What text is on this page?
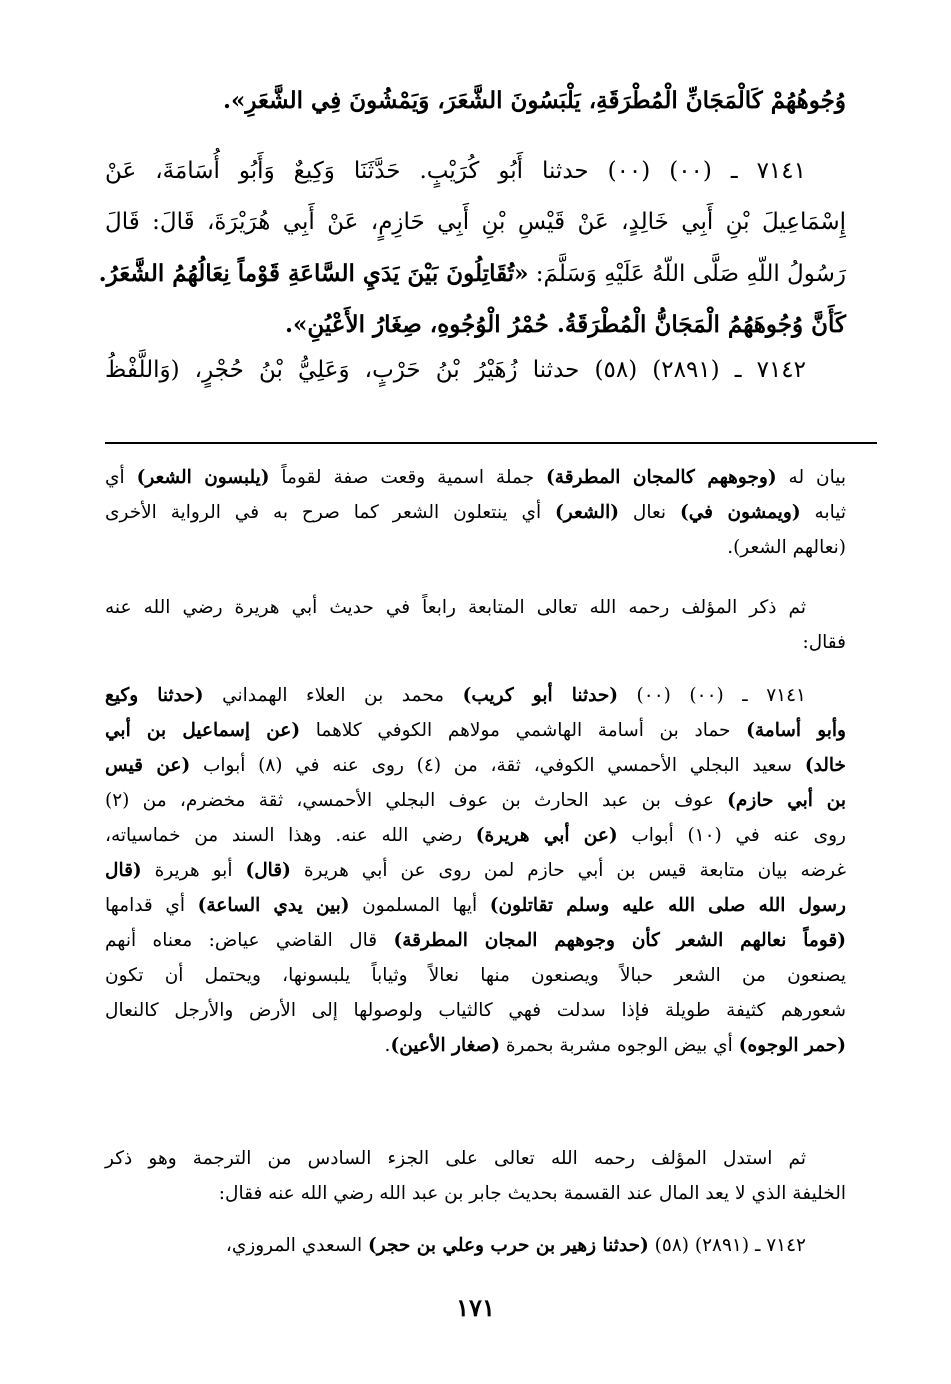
وُجُوهُهُمْ كَالْمَجَانِّ الْمُطْرَقَةِ، يَلْبَسُونَ الشَّعَرَ، وَيَمْشُونَ فِي الشَّعَرِ».
٧١٤١ ـ (٠٠) (٠٠) حدثنا أَبُو كُرَيْبٍ. حَدَّثَنَا وَكِيعٌ وَأَبُو أُسَامَةَ، عَنْ
إِسْمَاعِيلَ بْنِ أَبِي خَالِدٍ، عَنْ قَيْسِ بْنِ أَبِي حَازِمٍ، عَنْ أَبِي هُرَيْرَةَ، قَالَ: قَالَ
رَسُولُ اللّهِ صَلَّى اللّهُ عَلَيْهِ وَسَلَّمَ: «تُقَاتِلُونَ بَيْنَ يَدَيِ السَّاعَةِ قَوْماً نِعَالُهُمُ الشَّعَرُ.
كَأَنَّ وُجُوهَهُمُ الْمَجَانُّ الْمُطْرَقَةُ. حُمْرُ الْوُجُوهِ، صِغَارُ الأَعْيُنِ».
٧١٤٢ ـ (٢٨٩١) (٥٨) حدثنا زُهَيْرُ بْنُ حَرْبٍ، وَعَلِيُّ بْنُ حُجْرٍ، (وَاللَّفْظُ
بيان له (وجوههم كالمجان المطرقة) جملة اسمية وقعت صفة لقوماً (يلبسون الشعر) أي
ثيابه (ويمشون في) نعال (الشعر) أي ينتعلون الشعر كما صرح به في الرواية الأخرى
(نعالهم الشعر).
ثم ذكر المؤلف رحمه الله تعالى المتابعة رابعاً في حديث أبي هريرة رضي الله عنه
فقال:
٧١٤١ ـ (٠٠) (٠٠) (حدثنا أبو كريب) محمد بن العلاء الهمداني (حدثنا وكيع
وأبو أسامة) حماد بن أسامة الهاشمي مولاهم الكوفي كلاهما (عن إسماعيل بن أبي
خالد) سعيد البجلي الأحمسي الكوفي، ثقة، من (٤) روى عنه في (٨) أبواب (عن قيس
بن أبي حازم) عوف بن عبد الحارث بن عوف البجلي الأحمسي، ثقة مخضرم، من (٢)
روى عنه في (١٠) أبواب (عن أبي هريرة) رضي الله عنه. وهذا السند من خماسياته،
غرضه بيان متابعة قيس بن أبي حازم لمن روى عن أبي هريرة (قال) أبو هريرة (قال
رسول الله صلى الله عليه وسلم تقاتلون) أيها المسلمون (بين يدي الساعة) أي قدامها
(قوماً نعالهم الشعر كأن وجوههم المجان المطرقة) قال القاضي عياض: معناه أنهم
يصنعون من الشعر حبالاً ويصنعون منها نعالاً وثياباً يلبسونها، ويحتمل أن تكون
شعورهم كثيفة طويلة فإذا سدلت فهي كالثياب ولوصولها إلى الأرض والأرجل كالنعال
(حمر الوجوه) أي بيض الوجوه مشربة بحمرة (صغار الأعين).
ثم استدل المؤلف رحمه الله تعالى على الجزء السادس من الترجمة وهو ذكر
الخليفة الذي لا يعد المال عند القسمة بحديث جابر بن عبد الله رضي الله عنه فقال:
٧١٤٢ ـ (٢٨٩١) (٥٨) (حدثنا زهير بن حرب وعلي بن حجر) السعدي المروزي،
١٧١
